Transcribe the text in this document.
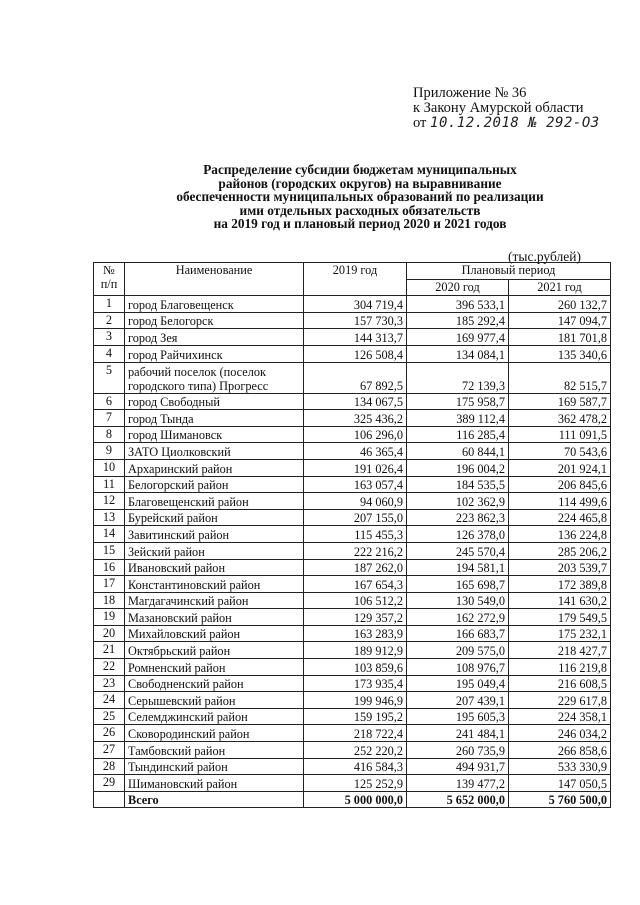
Приложение № 36
к Закону Амурской области
от 10.12.2018 № 292-ОЗ
Распределение субсидии бюджетам муниципальных
районов (городских округов) на выравнивание
обеспеченности муниципальных образований по реализации
ими отдельных расходных обязательств
на 2019 год и плановый период 2020 и 2021 годов
(тыс.рублей)
№ п/п	Наименование	2019 год	Плановый период	
			2020 год	2021 год
1	город Благовещенск	304 719,4	396 533,1	260 132,7
2	город Белогорск	157 730,3	185 292,4	147 094,7
3	город Зея	144 313,7	169 977,4	181 701,8
4	город Райчихинск	126 508,4	134 084,1	135 340,6
5	рабочий поселок (поселок городского типа) Прогресс	67 892,5	72 139,3	82 515,7
6	город Свободный	134 067,5	175 958,7	169 587,7
7	город Тында	325 436,2	389 112,4	362 478,2
8	город Шимановск	106 296,0	116 285,4	111 091,5
9	ЗАТО Циолковский	46 365,4	60 844,1	70 543,6
10	Архаринский район	191 026,4	196 004,2	201 924,1
11	Белогорский район	163 057,4	184 535,5	206 845,6
12	Благовещенский район	94 060,9	102 362,9	114 499,6
13	Бурейский район	207 155,0	223 862,3	224 465,8
14	Завитинский район	115 455,3	126 378,0	136 224,8
15	Зейский район	222 216,2	245 570,4	285 206,2
16	Ивановский район	187 262,0	194 581,1	203 539,7
17	Константиновский район	167 654,3	165 698,7	172 389,8
18	Магдагачинский район	106 512,2	130 549,0	141 630,2
19	Мазановский район	129 357,2	162 272,9	179 549,5
20	Михайловский район	163 283,9	166 683,7	175 232,1
21	Октябрьский район	189 912,9	209 575,0	218 427,7
22	Ромненский район	103 859,6	108 976,7	116 219,8
23	Свободненский район	173 935,4	195 049,4	216 608,5
24	Серышевский район	199 946,9	207 439,1	229 617,8
25	Селемджинский район	159 195,2	195 605,3	224 358,1
26	Сковородинский район	218 722,4	241 484,1	246 034,2
27	Тамбовский район	252 220,2	260 735,9	266 858,6
28	Тындинский район	416 584,3	494 931,7	533 330,9
29	Шимановский район	125 252,9	139 477,2	147 050,5
	Всего	5 000 000,0	5 652 000,0	5 760 500,0
